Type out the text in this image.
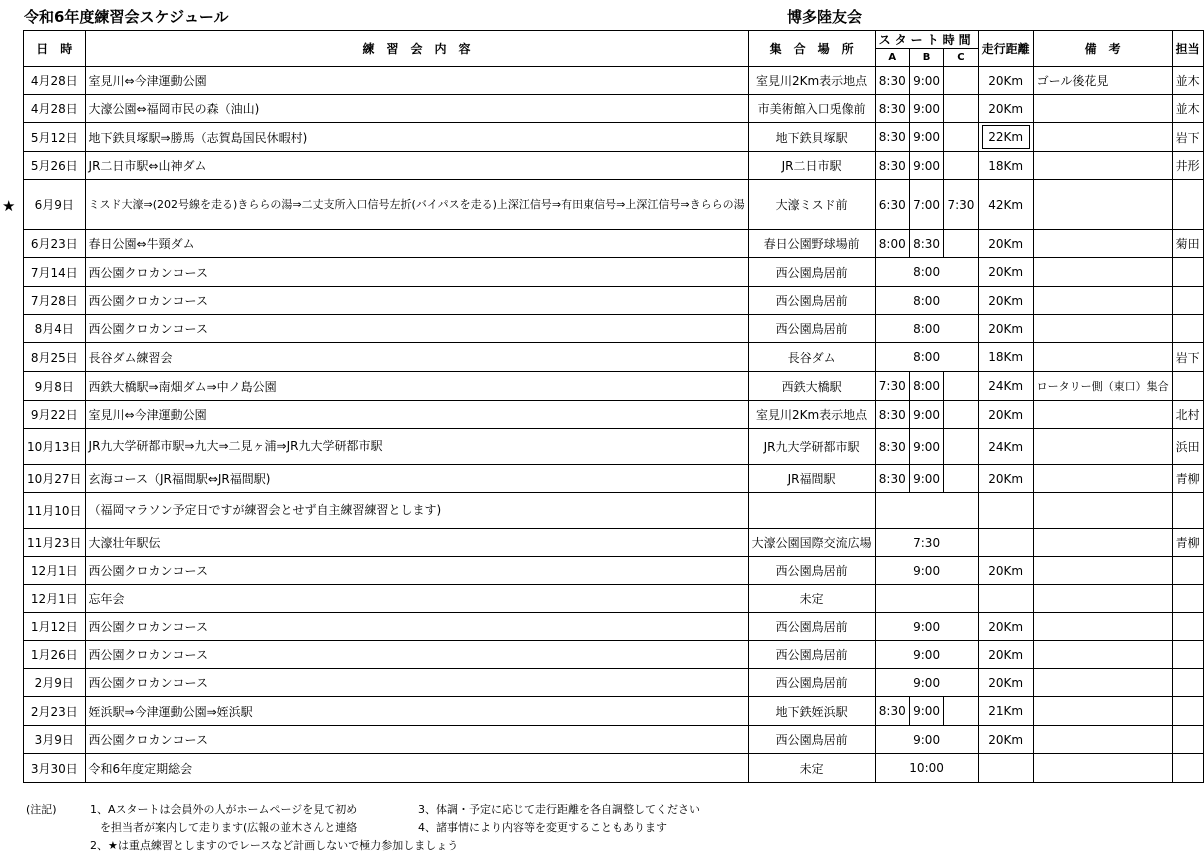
令和6年度練習会スケジュール	博多陸友会
★
日　時	練　習　会　内　容	集　合　場　所	スタート時間			走行距離	備　考	担当
			A	B	C			
4月28日	室見川⇔今津運動公園	室見川2Km表示地点	8:30	9:00		20Km	ゴール後花見	並木
4月28日	大濠公園⇔福岡市民の森（油山)	市美術館入口兎像前	8:30	9:00		20Km		並木
5月12日	地下鉄貝塚駅⇒勝馬（志賀島国民休暇村)	地下鉄貝塚駅	8:30	9:00		22Km		岩下
5月26日	JR二日市駅⇔山神ダム	JR二日市駅	8:30	9:00		18Km		井形
6月9日	ミスド大濠⇒(202号線を走る)きららの湯⇒二丈支所入口信号左折(バイパスを走る)上深江信号⇒有田東信号⇒上深江信号⇒きららの湯	大濠ミスド前	6:30	7:00	7:30	42Km		
6月23日	春日公園⇔牛頸ダム	春日公園野球場前	8:00	8:30		20Km		菊田
7月14日	西公園クロカンコース	西公園鳥居前	8:00			20Km		
7月28日	西公園クロカンコース	西公園鳥居前	8:00			20Km		
8月4日	西公園クロカンコース	西公園鳥居前	8:00			20Km		
8月25日	長谷ダム練習会	長谷ダム	8:00			18Km		岩下
9月8日	西鉄大橋駅⇒南畑ダム⇒中ノ島公園	西鉄大橋駅	7:30	8:00		24Km	ロータリー側（東口）集合	
9月22日	室見川⇔今津運動公園	室見川2Km表示地点	8:30	9:00		20Km		北村
10月13日	JR九大学研都市駅⇒九大⇒二見ヶ浦⇒JR九大学研都市駅	JR九大学研都市駅	8:30	9:00		24Km		浜田
10月27日	玄海コース（JR福間駅⇔JR福間駅)	JR福間駅	8:30	9:00		20Km		青柳
11月10日	（福岡マラソン予定日ですが練習会とせず自主練習練習とします)							
11月23日	大濠壮年駅伝	大濠公園国際交流広場	7:30					青柳
12月1日	西公園クロカンコース	西公園鳥居前	9:00			20Km		
12月1日	忘年会	未定						
1月12日	西公園クロカンコース	西公園鳥居前	9:00			20Km		
1月26日	西公園クロカンコース	西公園鳥居前	9:00			20Km		
2月9日	西公園クロカンコース	西公園鳥居前	9:00			20Km		
2月23日	姪浜駅⇒今津運動公園⇒姪浜駅	地下鉄姪浜駅	8:30	9:00		21Km		
3月9日	西公園クロカンコース	西公園鳥居前	9:00			20Km		
3月30日	令和6年度定期総会	未定	10:00					
(注記)	1、Aスタートは会員外の人がホームページを見て初め
を担当者が案内して走ります(広報の並木さんと連絡
2、★は重点練習としますのでレースなど計画しないで極力参加しましょう
3、体調・予定に応じて走行距離を各自調整してください
4、諸事情により内容等を変更することもあります
